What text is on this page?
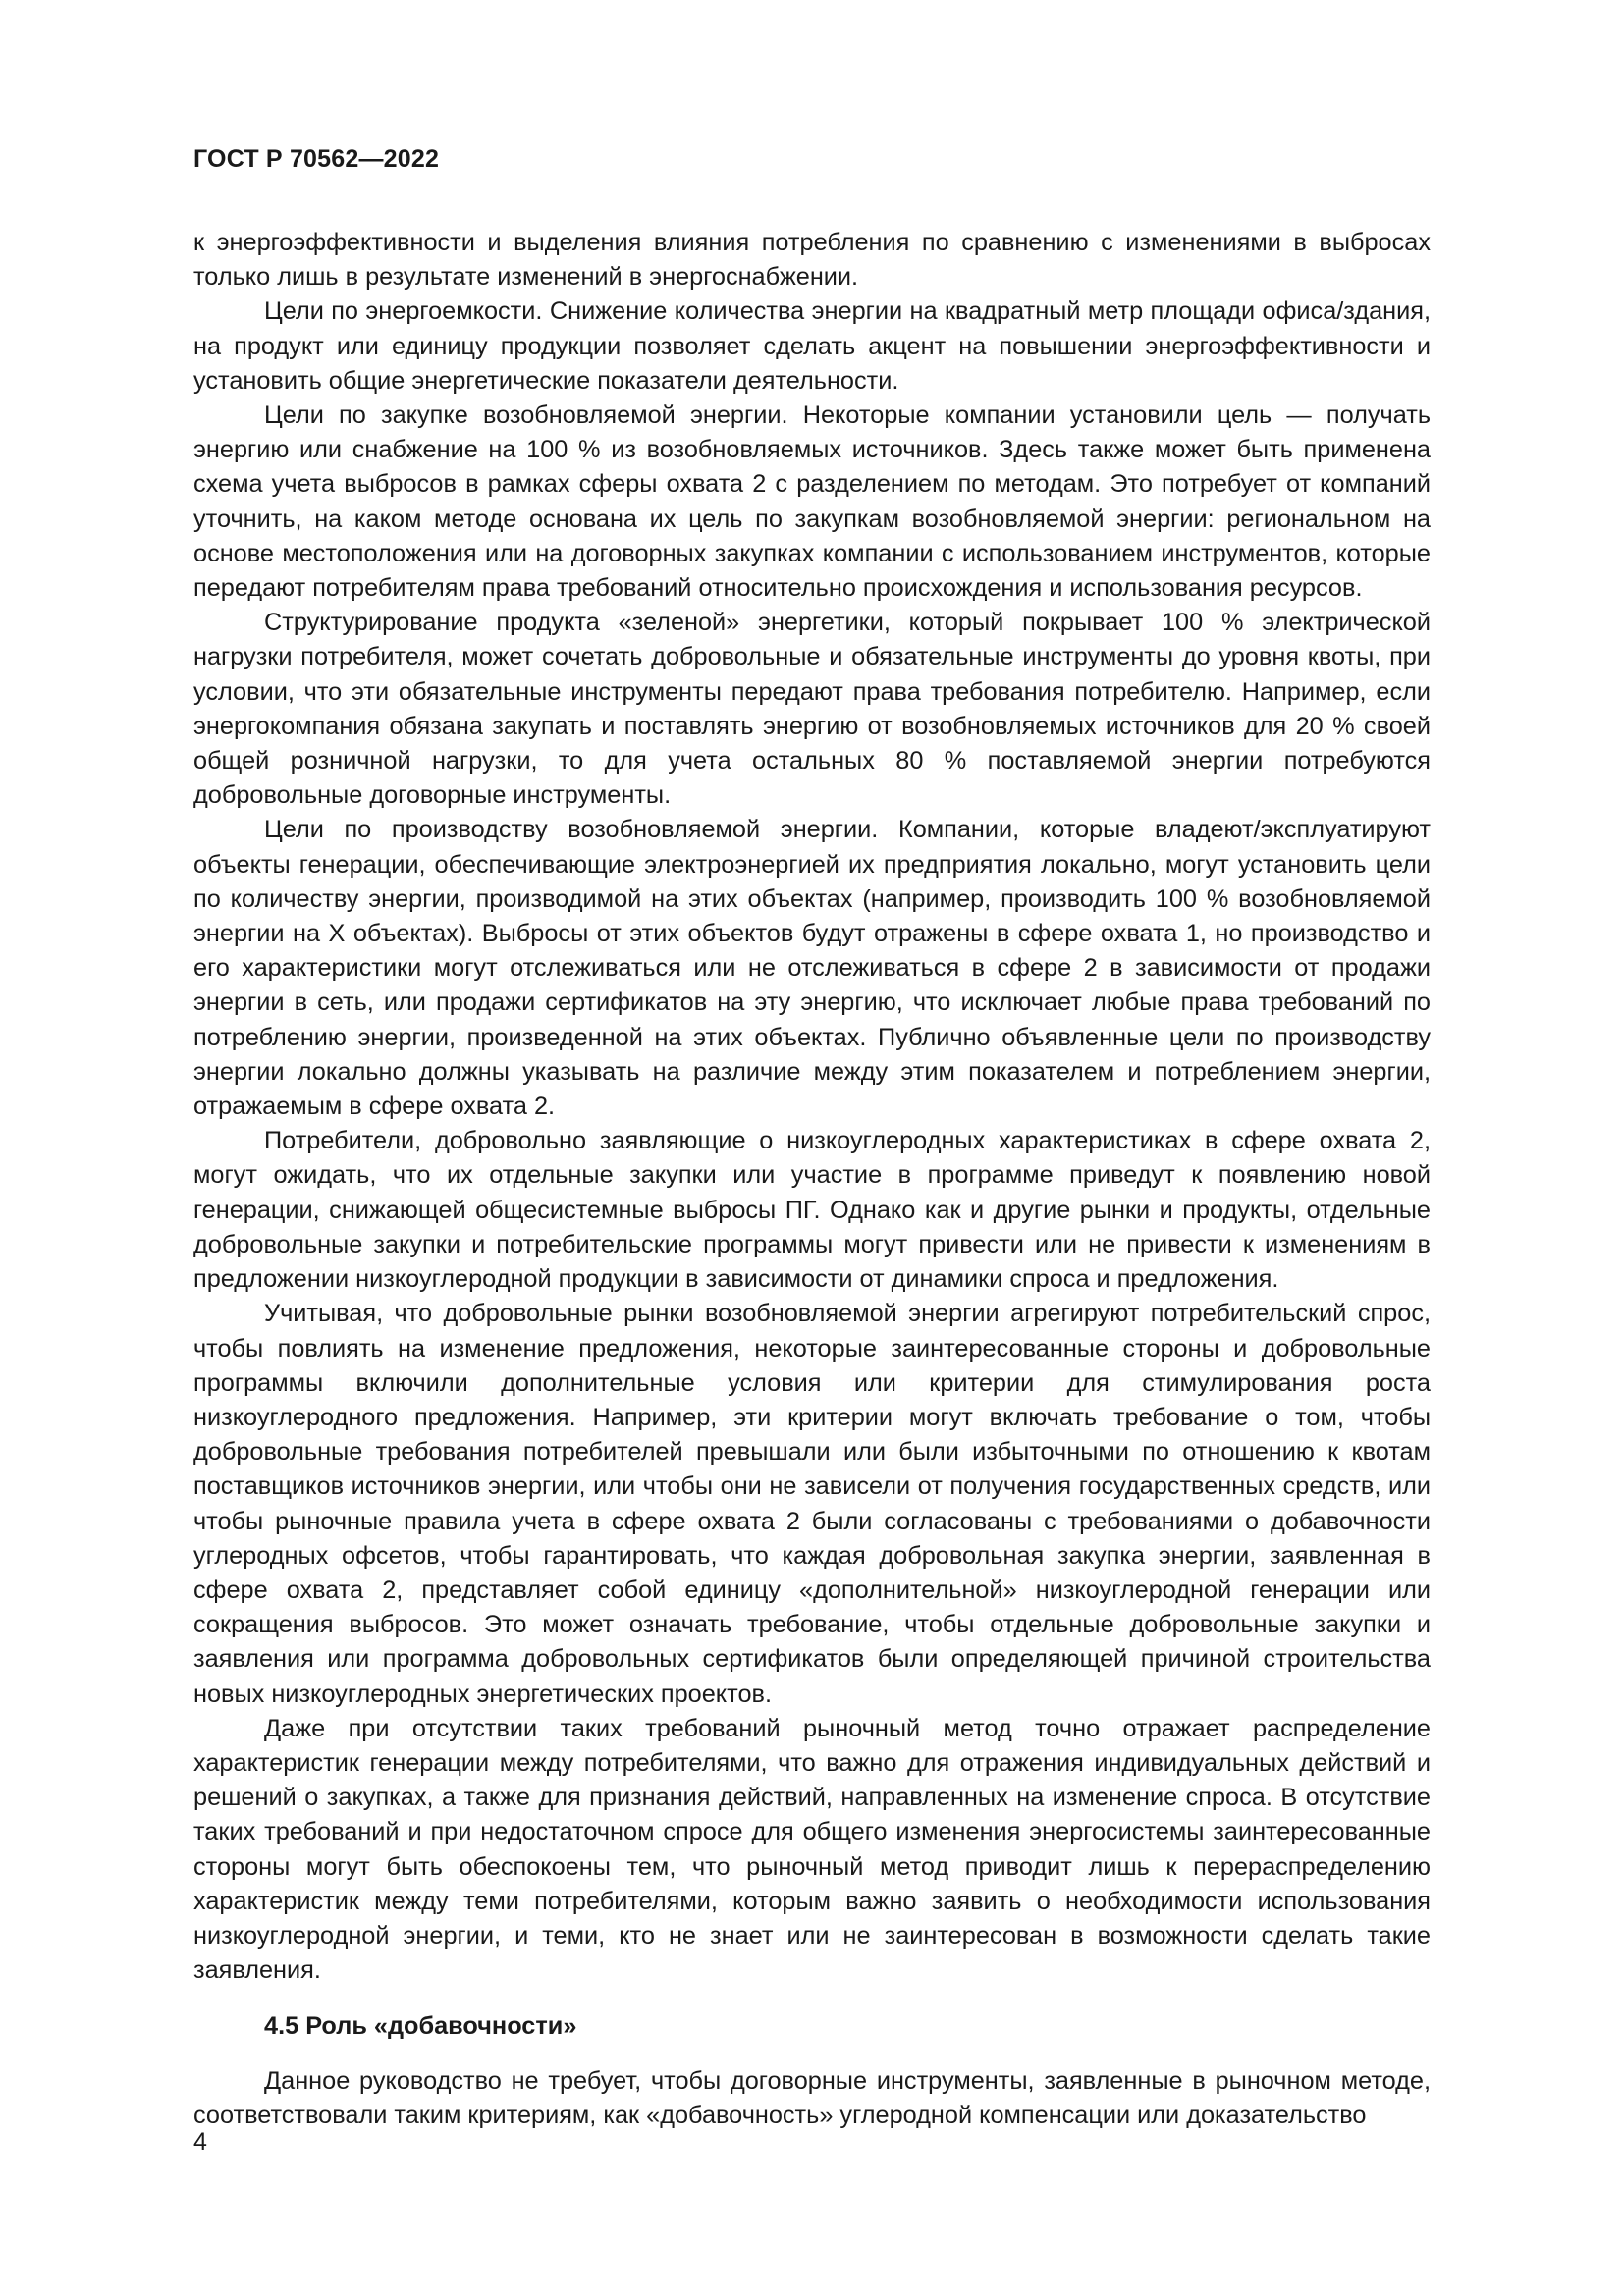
ГОСТ Р 70562—2022

к энергоэффективности и выделения влияния потребления по сравнению с изменениями в выбросах только лишь в результате изменений в энергоснабжении.

Цели по энергоемкости. Снижение количества энергии на квадратный метр площади офиса/здания, на продукт или единицу продукции позволяет сделать акцент на повышении энергоэффективности и установить общие энергетические показатели деятельности.

Цели по закупке возобновляемой энергии. Некоторые компании установили цель — получать энергию или снабжение на 100 % из возобновляемых источников. Здесь также может быть применена схема учета выбросов в рамках сферы охвата 2 с разделением по методам. Это потребует от компаний уточнить, на каком методе основана их цель по закупкам возобновляемой энергии: региональном на основе местоположения или на договорных закупках компании с использованием инструментов, которые передают потребителям права требований относительно происхождения и использования ресурсов.

Структурирование продукта «зеленой» энергетики, который покрывает 100 % электрической нагрузки потребителя, может сочетать добровольные и обязательные инструменты до уровня квоты, при условии, что эти обязательные инструменты передают права требования потребителю. Например, если энергокомпания обязана закупать и поставлять энергию от возобновляемых источников для 20 % своей общей розничной нагрузки, то для учета остальных 80 % поставляемой энергии потребуются добровольные договорные инструменты.

Цели по производству возобновляемой энергии. Компании, которые владеют/эксплуатируют объекты генерации, обеспечивающие электроэнергией их предприятия локально, могут установить цели по количеству энергии, производимой на этих объектах (например, производить 100 % возобновляемой энергии на X объектах). Выбросы от этих объектов будут отражены в сфере охвата 1, но производство и его характеристики могут отслеживаться или не отслеживаться в сфере 2 в зависимости от продажи энергии в сеть, или продажи сертификатов на эту энергию, что исключает любые права требований по потреблению энергии, произведенной на этих объектах. Публично объявленные цели по производству энергии локально должны указывать на различие между этим показателем и потреблением энергии, отражаемым в сфере охвата 2.

Потребители, добровольно заявляющие о низкоуглеродных характеристиках в сфере охвата 2, могут ожидать, что их отдельные закупки или участие в программе приведут к появлению новой генерации, снижающей общесистемные выбросы ПГ. Однако как и другие рынки и продукты, отдельные добровольные закупки и потребительские программы могут привести или не привести к изменениям в предложении низкоуглеродной продукции в зависимости от динамики спроса и предложения.

Учитывая, что добровольные рынки возобновляемой энергии агрегируют потребительский спрос, чтобы повлиять на изменение предложения, некоторые заинтересованные стороны и добровольные программы включили дополнительные условия или критерии для стимулирования роста низкоуглеродного предложения. Например, эти критерии могут включать требование о том, чтобы добровольные требования потребителей превышали или были избыточными по отношению к квотам поставщиков источников энергии, или чтобы они не зависели от получения государственных средств, или чтобы рыночные правила учета в сфере охвата 2 были согласованы с требованиями о добавочности углеродных офсетов, чтобы гарантировать, что каждая добровольная закупка энергии, заявленная в сфере охвата 2, представляет собой единицу «дополнительной» низкоуглеродной генерации или сокращения выбросов. Это может означать требование, чтобы отдельные добровольные закупки и заявления или программа добровольных сертификатов были определяющей причиной строительства новых низкоуглеродных энергетических проектов.

Даже при отсутствии таких требований рыночный метод точно отражает распределение характеристик генерации между потребителями, что важно для отражения индивидуальных действий и решений о закупках, а также для признания действий, направленных на изменение спроса. В отсутствие таких требований и при недостаточном спросе для общего изменения энергосистемы заинтересованные стороны могут быть обеспокоены тем, что рыночный метод приводит лишь к перераспределению характеристик между теми потребителями, которым важно заявить о необходимости использования низкоуглеродной энергии, и теми, кто не знает или не заинтересован в возможности сделать такие заявления.

4.5 Роль «добавочности»

Данное руководство не требует, чтобы договорные инструменты, заявленные в рыночном методе, соответствовали таким критериям, как «добавочность» углеродной компенсации или доказательство

4
